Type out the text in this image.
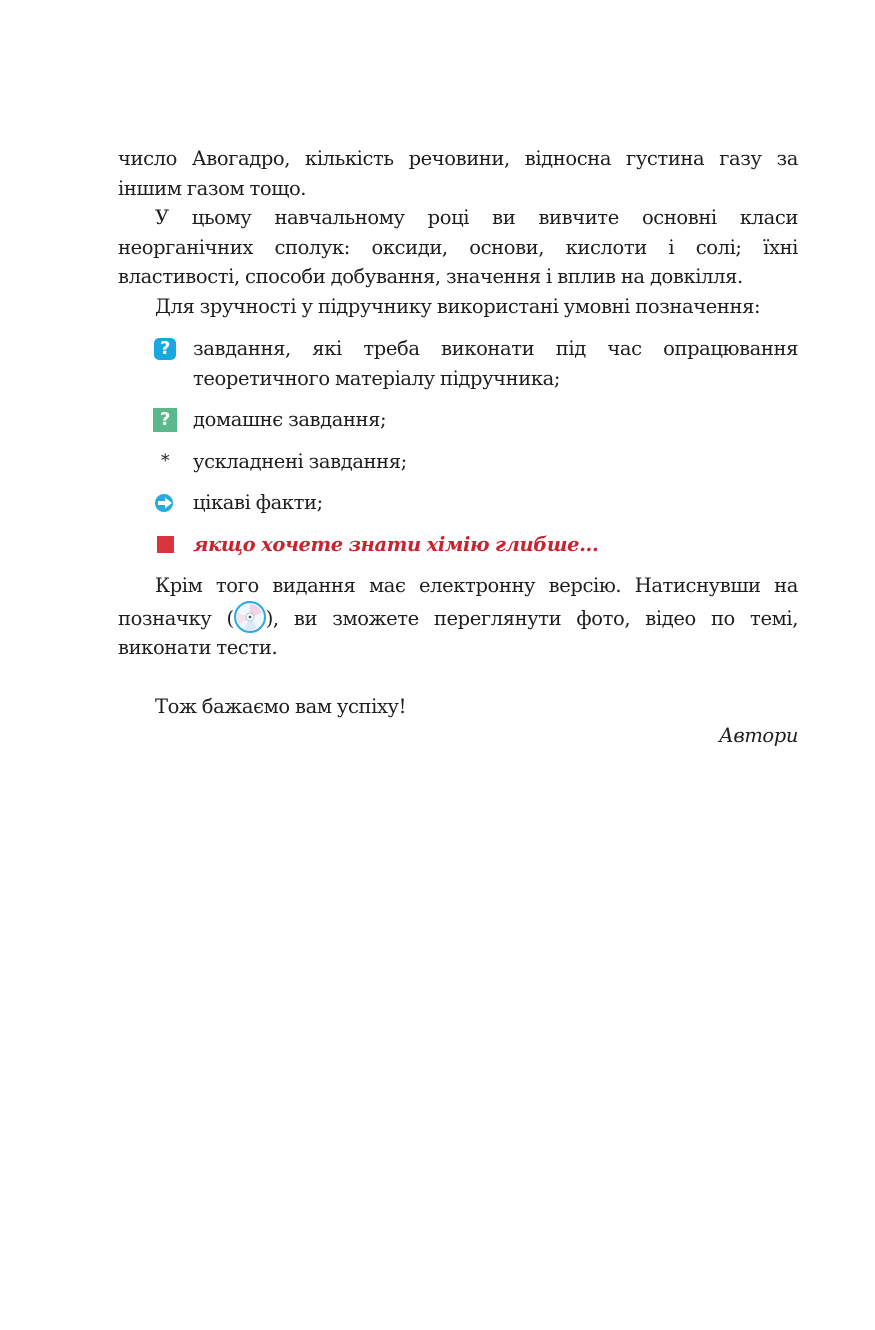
число Авогадро, кількість речовини, відносна густина газу за іншим газом тощо.

У цьому навчальному році ви вивчите основні класи неорганічних сполук: оксиди, основи, кислоти і солі; їхні властивості, способи добування, значення і вплив на довкілля.

Для зручності у підручнику використані умовні позначення:

?	завдання, які треба виконати під час опрацювання теоретичного матеріалу підручника;
?	домашнє завдання;
* ускладнені завдання;
цікаві факти;
якщо хочете знати хімію глибше...

Крім того видання має електронну версію. Натиснувши на позначку ( ), ви зможете переглянути фото, відео по темі, виконати тести.

Тож бажаємо вам успіху!

Автори
